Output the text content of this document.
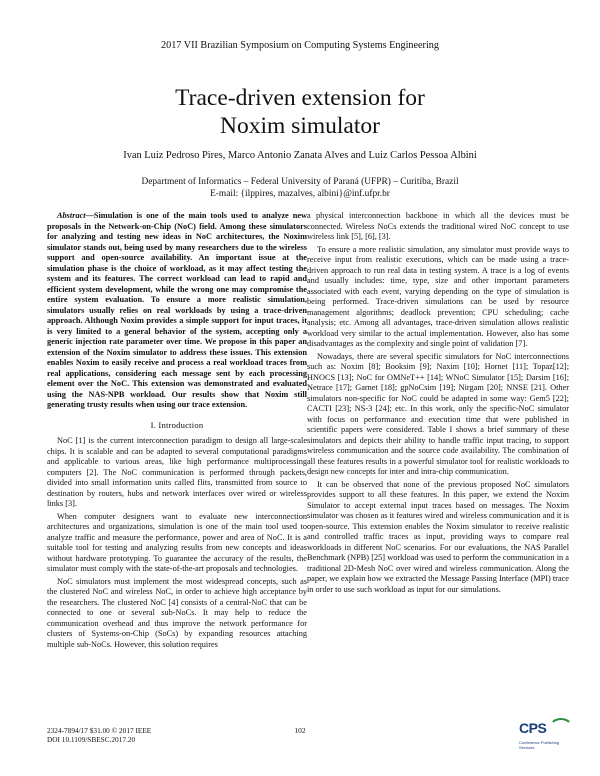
2017 VII Brazilian Symposium on Computing Systems Engineering
Trace-driven extension for
Noxim simulator
Ivan Luiz Pedroso Pires, Marco Antonio Zanata Alves and Luiz Carlos Pessoa Albini
Department of Informatics – Federal University of Paraná (UFPR) – Curitiba, Brazil
E-mail: {ilppires, mazalves, albini}@inf.ufpr.br

Abstract—Simulation is one of the main tools used to analyze new proposals in the Network-on-Chip (NoC) field. Among these simulators for analyzing and testing new ideas in NoC architectures, the Noxim simulator stands out, being used by many researchers due to the wireless support and open-source availability. An important issue at the simulation phase is the choice of workload, as it may affect testing the system and its features. The correct workload can lead to rapid and efficient system development, while the wrong one may compromise the entire system evaluation. To ensure a more realistic simulation, simulators usually relies on real workloads by using a trace-driven approach. Although Noxim provides a simple support for input traces, it is very limited to a general behavior of the system, accepting only a generic injection rate parameter over time. We propose in this paper an extension of the Noxim simulator to address these issues. This extension enables Noxim to easily receive and process a real workload traces from real applications, considering each message sent by each processing element over the NoC. This extension was demonstrated and evaluated using the NAS-NPB workload. Our results show that Noxim still generating trusty results when using our trace extension.

I. Introduction

NoC [1] is the current interconnection paradigm to design all large-scale chips. It is scalable and can be adapted to several computational paradigms and applicable to various areas, like high performance multiprocessing computers [2]. The NoC communication is performed through packets, divided into small information units called flits, transmitted from source to destination by routers, hubs and network interfaces over wired or wireless links [3].

When computer designers want to evaluate new interconnection architectures and organizations, simulation is one of the main tool used to analyze traffic and measure the performance, power and area of NoC. It is a suitable tool for testing and analyzing results from new concepts and ideas without hardware prototyping. To guarantee the accuracy of the results, the simulator must comply with the state-of-the-art proposals and technologies.

NoC simulators must implement the most widespread concepts, such as the clustered NoC and wireless NoC, in order to achieve high acceptance by the researchers. The clustered NoC [4] consists of a central-NoC that can be connected to one or several sub-NoCs. It may help to reduce the communication overhead and thus improve the network performance for clusters of Systems-on-Chip (SoCs) by expanding resources attaching multiple sub-NoCs. However, this solution requires

a physical interconnection backbone in which all the devices must be connected. Wireless NoCs extends the traditional wired NoC concept to use wireless link [5], [6], [3].

To ensure a more realistic simulation, any simulator must provide ways to receive input from realistic executions, which can be made using a trace-driven approach to run real data in testing system. A trace is a log of events and usually includes: time, type, size and other important parameters associated with each event, varying depending on the type of simulation is being performed. Trace-driven simulations can be used by resource management algorithms; deadlock prevention; CPU scheduling; cache analysis; etc. Among all advantages, trace-driven simulation allows realistic workload very similar to the actual implementation. However, also has some disadvantages as the complexity and single point of validation [7].

Nowadays, there are several specific simulators for NoC interconnections such as: Noxim [8]; Booksim [9]; Naxim [10]; Hornet [11]; Topaz[12]; HNOCS [13]; NoC for OMNeT++ [14]; WNoC Simulator [15]; Darsim [16]; Netrace [17]; Garnet [18]; gpNoCsim [19]; Nirgam [20]; NNSE [21]. Other simulators non-specific for NoC could be adapted in some way: Gem5 [22]; CACTI [23]; NS-3 [24]; etc. In this work, only the specific-NoC simulator with focus on performance and execution time that were published in scientific papers were considered. Table I shows a brief summary of these simulators and depicts their ability to handle traffic input tracing, to support wireless communication and the source code availability. The combination of all these features results in a powerful simulator tool for realistic workloads to design new concepts for inter and intra-chip communication.

It can be observed that none of the previous proposed NoC simulators provides support to all these features. In this paper, we extend the Noxim Simulator to accept external input traces based on messages. The Noxim simulator was chosen as it features wired and wireless communication and it is open-source. This extension enables the Noxim simulator to receive realistic and controlled traffic traces as input, providing ways to compare real workloads in different NoC scenarios. For our evaluations, the NAS Parallel Benchmark (NPB) [25] workload was used to perform the communication in a traditional 2D-Mesh NoC over wired and wireless communication. Along the paper, we explain how we extracted the Message Passing Interface (MPI) trace in order to use such workload as input for our simulations.

2324-7894/17 $31.00 © 2017 IEEE
DOI 10.1109/SBESC.2017.20
102	CPS
Conference Publishing Services
